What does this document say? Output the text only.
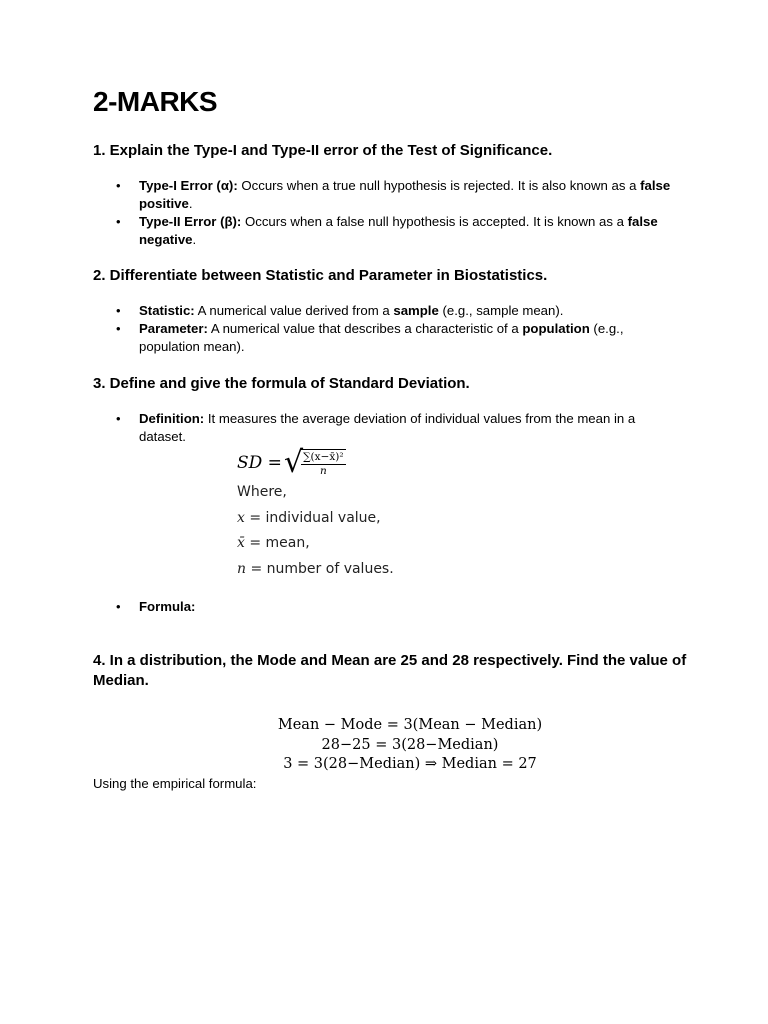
2-MARKS

1. Explain the Type-I and Type-II error of the Test of Significance.

• Type-I Error (α): Occurs when a true null hypothesis is rejected. It is also known as a false positive.
• Type-II Error (β): Occurs when a false null hypothesis is accepted. It is known as a false negative.

2. Differentiate between Statistic and Parameter in Biostatistics.

• Statistic: A numerical value derived from a sample (e.g., sample mean).
• Parameter: A numerical value that describes a characteristic of a population (e.g., population mean).

3. Define and give the formula of Standard Deviation.

• Definition: It measures the average deviation of individual values from the mean in a dataset.
SD = √
$\frac{\text{∑(x−x̄)²}}{n}$
Where,
x = individual value,
x̄ = mean,
n = number of values.
• Formula:

4. In a distribution, the Mode and Mean are 25 and 28 respectively. Find the value of Median.

Mean − Mode = 3(Mean − Median)
28−25 = 3(28−Median)
3 = 3(28−Median) ⇒ Median = 27

Using the empirical formula:
